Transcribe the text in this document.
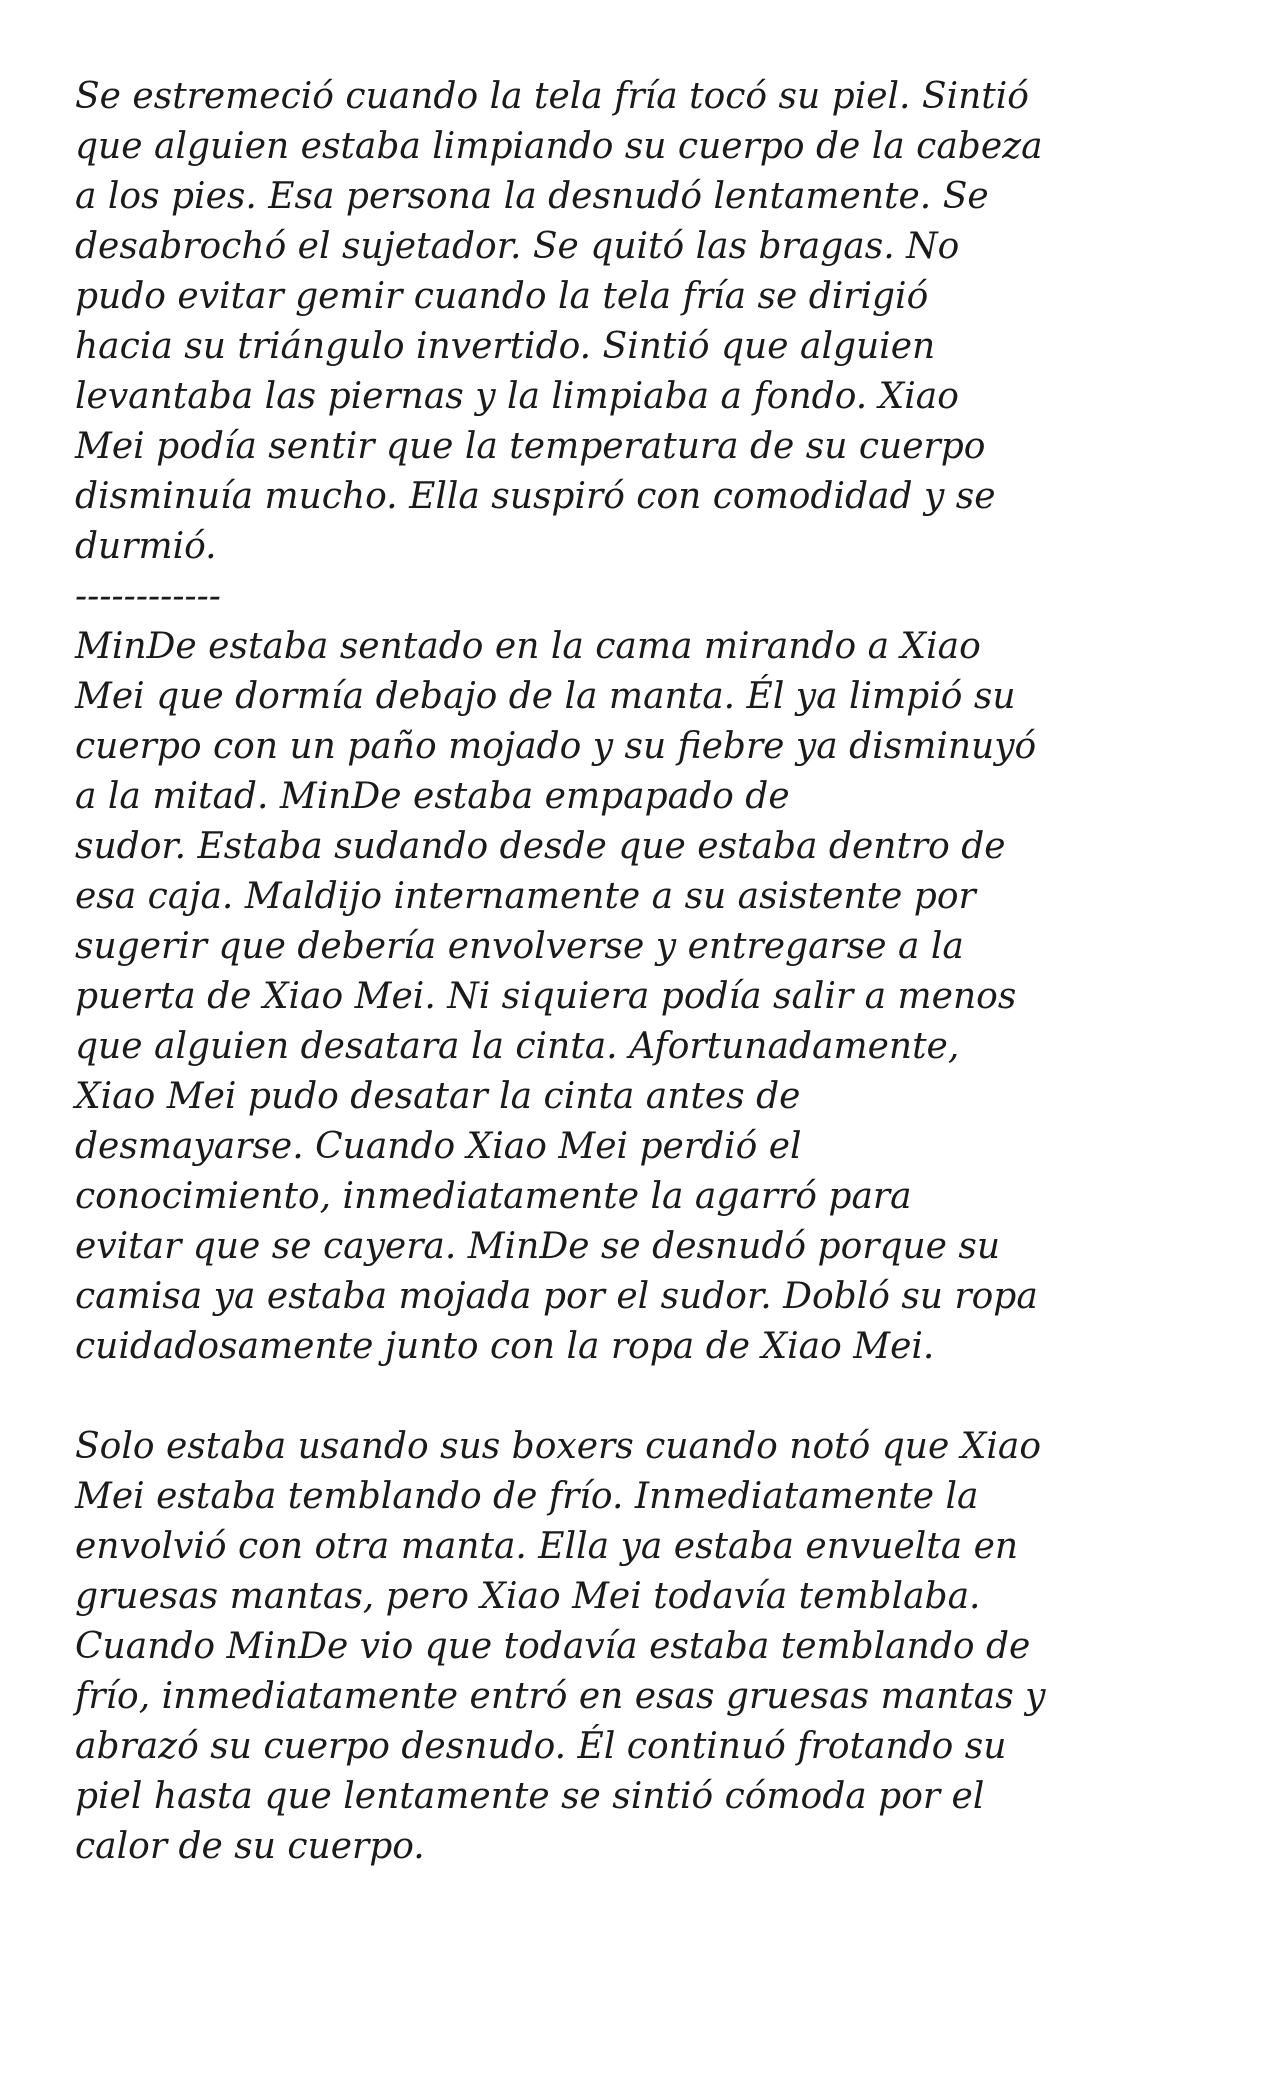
Se estremeció cuando la tela fría tocó su piel. Sintió
que alguien estaba limpiando su cuerpo de la cabeza
a los pies. Esa persona la desnudó lentamente. Se
desabrochó el sujetador. Se quitó las bragas. No
pudo evitar gemir cuando la tela fría se dirigió
hacia su triángulo invertido. Sintió que alguien
levantaba las piernas y la limpiaba a fondo. Xiao
Mei podía sentir que la temperatura de su cuerpo
disminuía mucho. Ella suspiró con comodidad y se
durmió.

------------

MinDe estaba sentado en la cama mirando a Xiao
Mei que dormía debajo de la manta. Él ya limpió su
cuerpo con un paño mojado y su fiebre ya disminuyó
a la mitad. MinDe estaba empapado de
sudor. Estaba sudando desde que estaba dentro de
esa caja. Maldijo internamente a su asistente por
sugerir que debería envolverse y entregarse a la
puerta de Xiao Mei. Ni siquiera podía salir a menos
que alguien desatara la cinta. Afortunadamente,
Xiao Mei pudo desatar la cinta antes de
desmayarse. Cuando Xiao Mei perdió el
conocimiento, inmediatamente la agarró para
evitar que se cayera. MinDe se desnudó porque su
camisa ya estaba mojada por el sudor. Dobló su ropa
cuidadosamente junto con la ropa de Xiao Mei.

Solo estaba usando sus boxers cuando notó que Xiao
Mei estaba temblando de frío. Inmediatamente la
envolvió con otra manta. Ella ya estaba envuelta en
gruesas mantas, pero Xiao Mei todavía temblaba.
Cuando MinDe vio que todavía estaba temblando de
frío, inmediatamente entró en esas gruesas mantas y
abrazó su cuerpo desnudo. Él continuó frotando su
piel hasta que lentamente se sintió cómoda por el
calor de su cuerpo.
